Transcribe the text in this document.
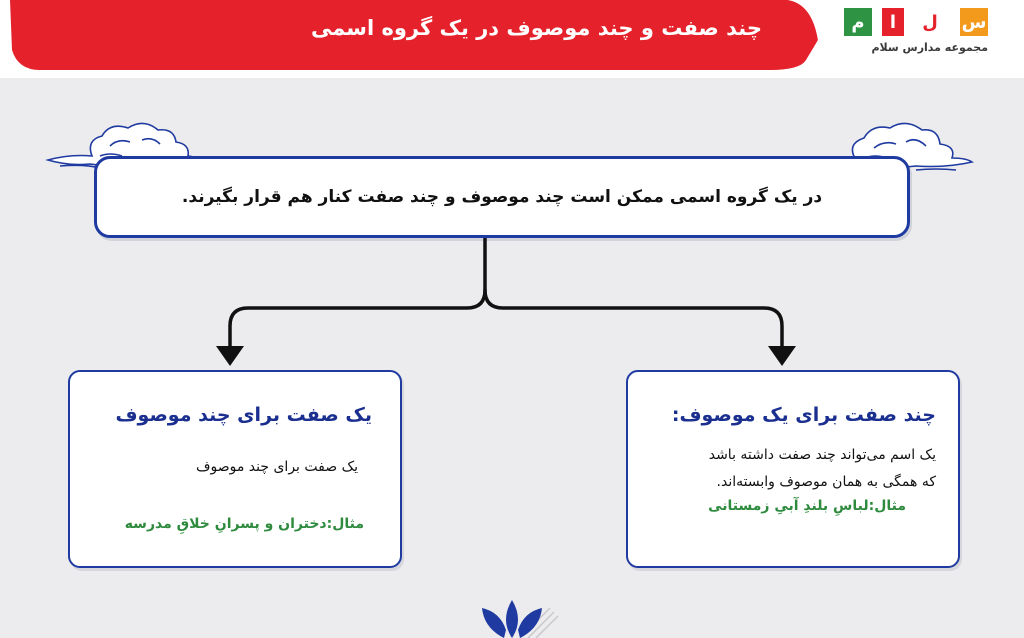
چند صفت و چند موصوف در یک گروه اسمی	س
ل
ا
م
مجموعه مدارس سلام
در یک گروه اسمی ممکن است چند موصوف و چند صفت کنار هم قرار بگیرند.
چند صفت برای یک موصوف:
یک اسم می‌تواند چند صفت داشته باشد
که همگی به همان موصوف وابسته‌اند.
مثال:لباسِ بلندِ آبیِ زمستانی
یک صفت برای چند موصوف
یک صفت برای چند موصوف
مثال:دختران و پسرانِ خلاقِ مدرسه
